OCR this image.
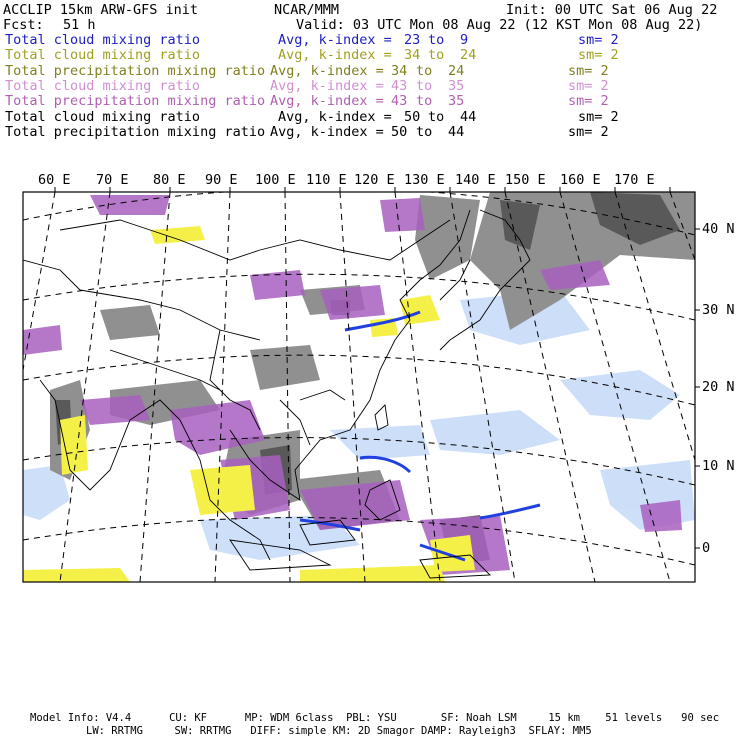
ACCLIP 15km ARW-GFS init	NCAR/MMM	Init: 00 UTC Sat 06 Aug 22
Fcst: 51 h	Valid: 03 UTC Mon 08 Aug 22 (12 KST Mon 08 Aug 22)
Total cloud mixing ratio	Avg, k-index = 23 to 9	sm= 2
Total cloud mixing ratio	Avg, k-index = 34 to 24	sm= 2
Total precipitation mixing ratio Avg, k-index = 34 to 24	sm= 2
Total cloud mixing ratio	Avg, k-index = 43 to 35	sm= 2
Total precipitation mixing ratio Avg, k-index = 43 to 35	sm= 2
Total cloud mixing ratio	Avg, k-index = 50 to 44	sm= 2
Total precipitation mixing ratio Avg, k-index = 50 to 44	sm= 2
60 E 70 E 80 E 90 E 100 E 110 E 120 E 130 E 140 E 150 E 160 E 170 E
40 N
30 N
20 N
10 N
0
Model Info: V4.4      CU: KF      MP: WDM 6class  PBL: YSU       SF: Noah LSM     15 km    51 levels   90 sec
LW: RRTMG     SW: RRTMG   DIFF: simple KM: 2D Smagor DAMP: Rayleigh3  SFLAY: MM5
